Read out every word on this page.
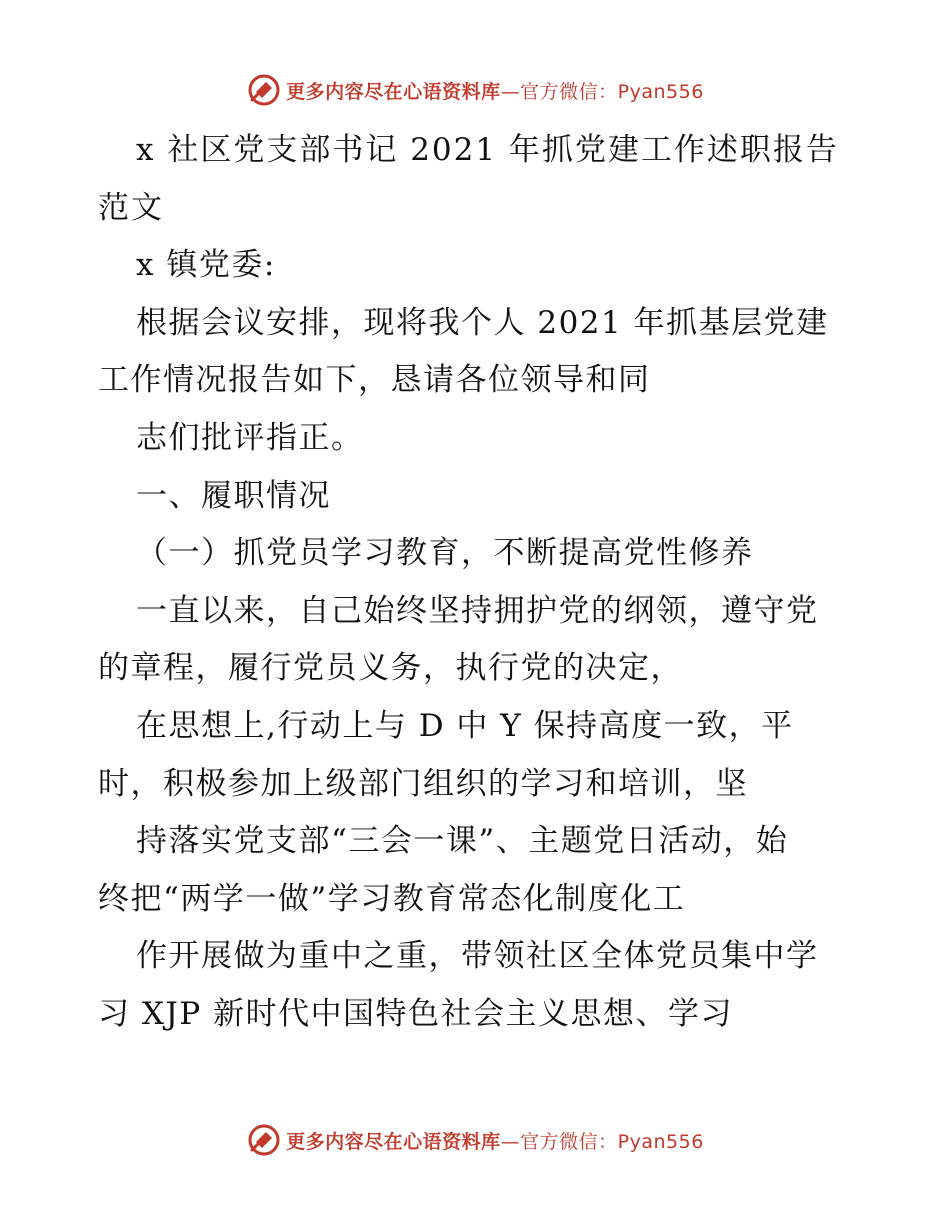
更多内容尽在心语资料库—官方微信：Pyan556
x 社区党支部书记 2021 年抓党建工作述职报告
范文
x 镇党委:
根据会议安排，现将我个人 2021 年抓基层党建
工作情况报告如下，恳请各位领导和同
志们批评指正。
一、履职情况
（一）抓党员学习教育，不断提高党性修养
一直以来，自己始终坚持拥护党的纲领，遵守党
的章程，履行党员义务，执行党的决定，
在思想上,行动上与 D 中 Y 保持高度一致，平
时，积极参加上级部门组织的学习和培训，坚
持落实党支部“三会一课”、主题党日活动，始
终把“两学一做”学习教育常态化制度化工
作开展做为重中之重，带领社区全体党员集中学
习 XJP 新时代中国特色社会主义思想、学习
更多内容尽在心语资料库—官方微信：Pyan556
